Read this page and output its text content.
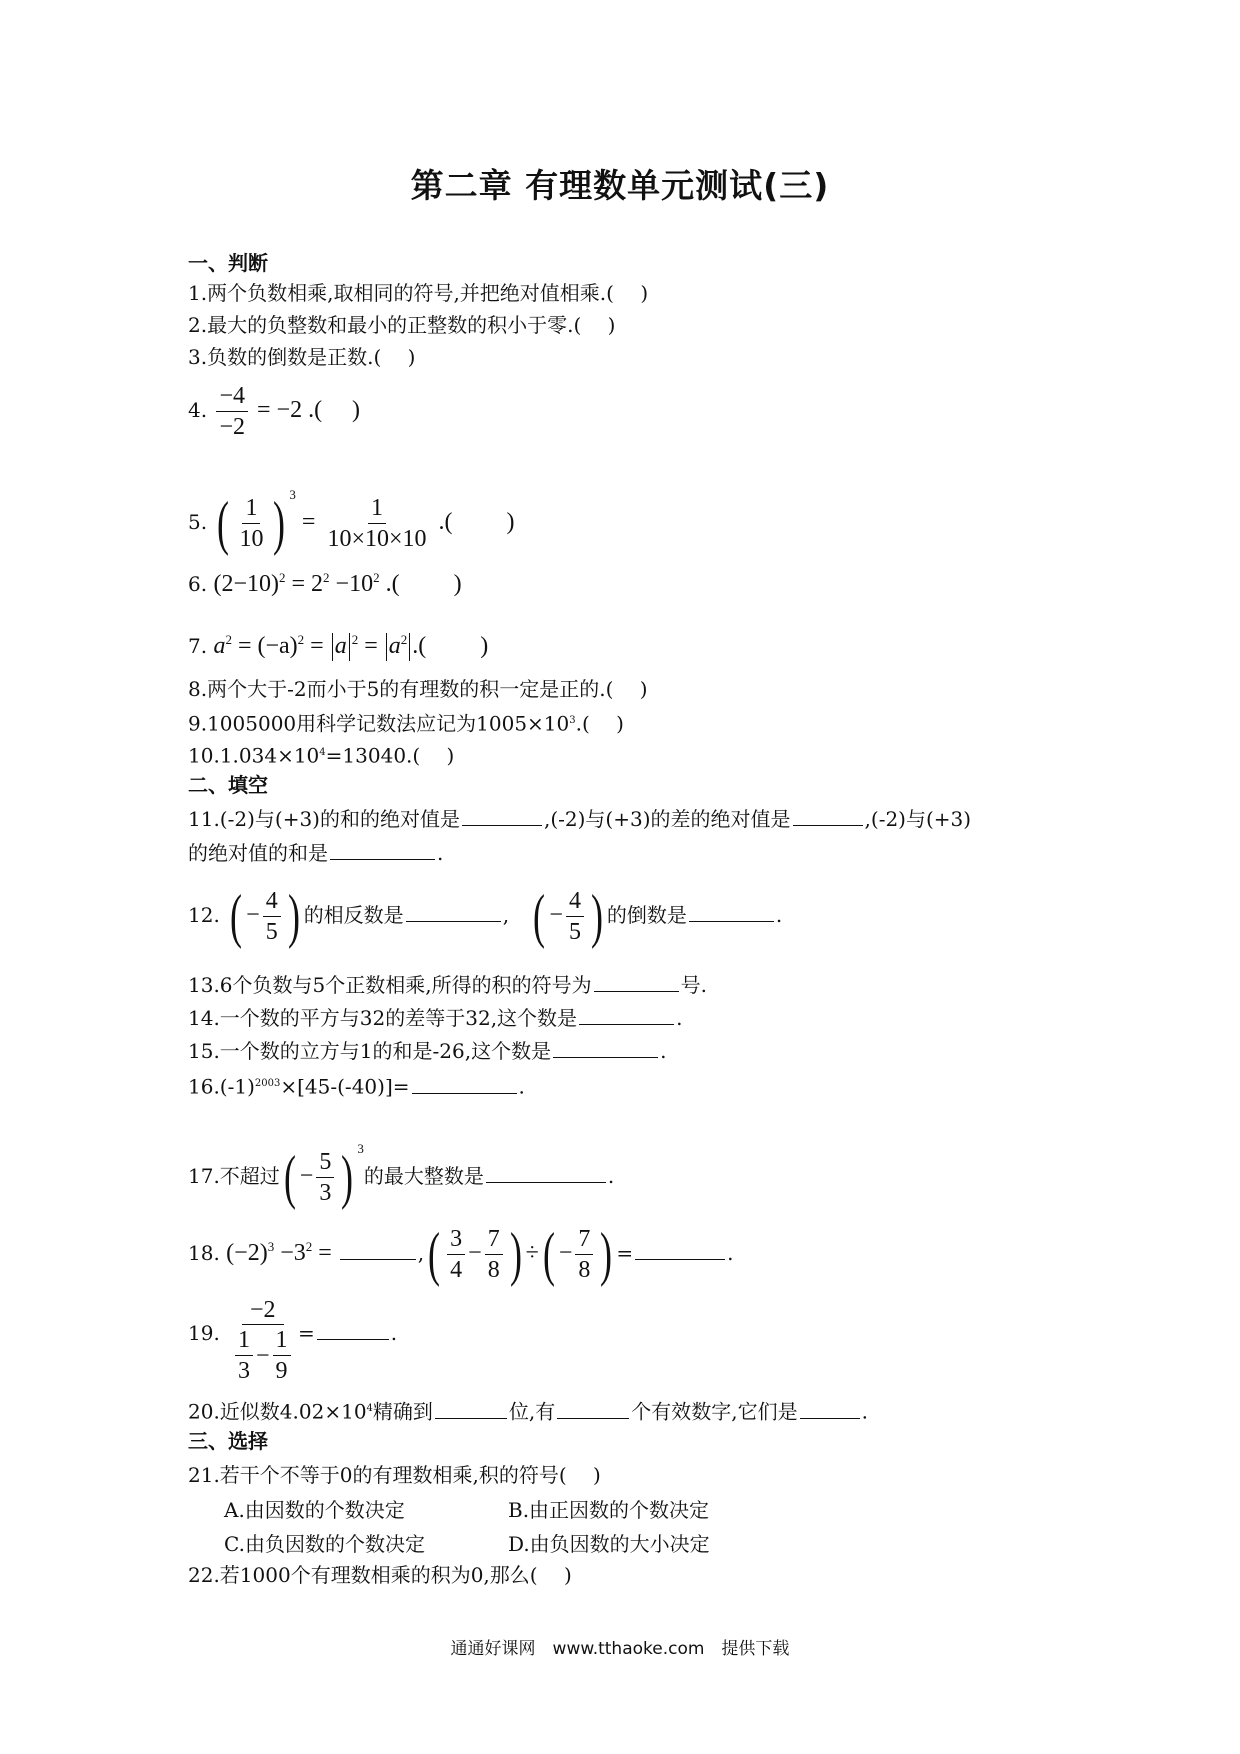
第二章 有理数单元测试(三)
一、判断
1.两个负数相乘,取相同的符号,并把绝对值相乘.(　 )
2.最大的负整数和最小的正整数的积小于零.(　 )
3.负数的倒数是正数.(　 )
4. $\frac{-4}{-2} = -2$ .(　 )
5. ( $\frac{1}{10}$ ) $^3 = \frac{1}{10\times 10\times 10}$ .(　　 )
6. $(2-10)^2 = 2^2 -10^2$ .(　 　)
7. $a^2 = (-a)^2 = a$ $^2 = a^2$ .(　 　)
8.两个大于-2而小于5的有理数的积一定是正的.(　 )
9.1005000用科学记数法应记为$1005\times 10^3$.(　 )
$10.1.034\times 10^4=13040$.(　 )
二、填空
11.(-2)与(+3)的和的绝对值是	,(-2)与(+3)的差的绝对值是	,(-2)与(+3)
的绝对值的和是	.
12. ( − $\frac{4}{5}$ ) 的相反数是	, ( − $\frac{4}{5}$ ) 的倒数是	.
13.6个负数与5个正数相乘,所得的积的符号为	号.
14.一个数的平方与32的差等于32,这个数是	.
15.一个数的立方与1的和是-26,这个数是	.
$16.(-1)^{2003}\times[45-(-40)]=$	.
17.不超过( − $\frac{5}{3}$ ) $^3$的最大整数是	.
18. $(-2)^3 -3^2$ =	,( $\frac{3}{4} - \frac{7}{8}$ ) ÷( − $\frac{7}{8}$ ) =	.
19.
−2
$\frac{1}{3} - \frac{1}{9}$ =	.
20.近似数$4.02\times 10^4$精确到	位,有	个有效数字,它们是	.
三、选择
21.若干个不等于0的有理数相乘,积的符号(　 )
A.由因数的个数决定	B.由正因数的个数决定
C.由负因数的个数决定	D.由负因数的大小决定
22.若1000个有理数相乘的积为0,那么(　 )
通通好课网　www.tthaoke.com　提供下载
